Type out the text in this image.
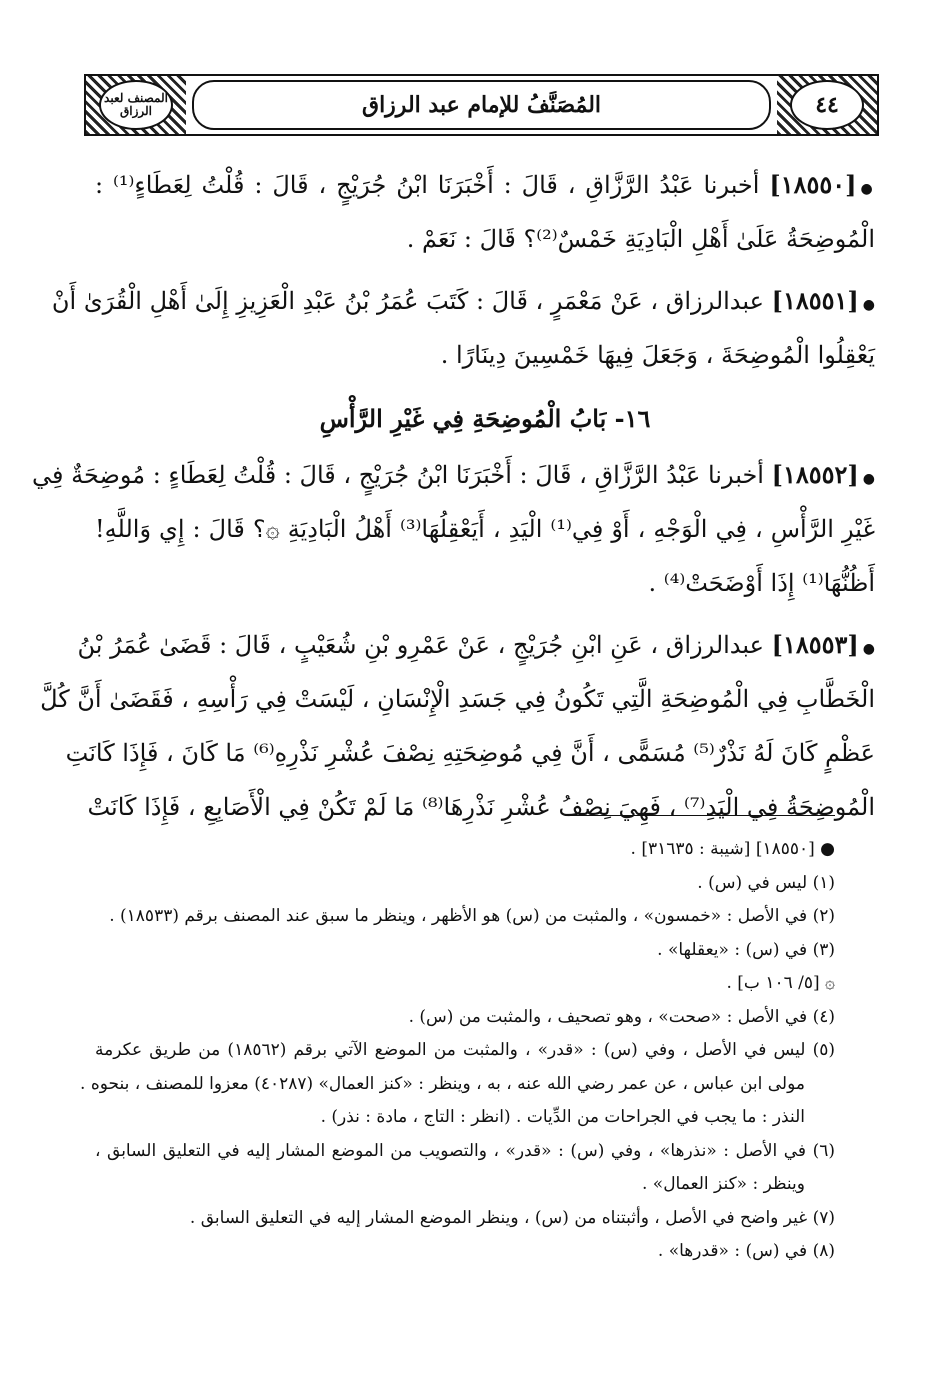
٤٤
المُصَنَّفُ للإمام عبد الرزاق
المصنف لعبد الرزاق
●[١٨٥٥٠] أخبرنا عَبْدُ الرَّزَّاقِ ، قَالَ : أَخْبَرَنَا ابْنُ جُرَيْجٍ ، قَالَ : قُلْتُ لِعَطَاءٍ⁽¹⁾ :
الْمُوضِحَةُ عَلَىٰ أَهْلِ الْبَادِيَةِ خَمْسٌ⁽²⁾؟ قَالَ : نَعَمْ .
●[١٨٥٥١] عبدالرزاق ، عَنْ مَعْمَرٍ ، قَالَ : كَتَبَ عُمَرُ بْنُ عَبْدِ الْعَزِيزِ إِلَىٰ أَهْلِ الْقُرَىٰ أَنْ
يَعْقِلُوا الْمُوضِحَةَ ، وَجَعَلَ فِيهَا خَمْسِينَ دِينَارًا .
١٦- بَابُ الْمُوضِحَةِ فِي غَيْرِ الرَّأْسِ
●[١٨٥٥٢] أخبرنا عَبْدُ الرَّزَّاقِ ، قَالَ : أَخْبَرَنَا ابْنُ جُرَيْجٍ ، قَالَ : قُلْتُ لِعَطَاءٍ : مُوضِحَةٌ فِي
غَيْرِ الرَّأْسِ ، فِي الْوَجْهِ ، أَوْ فِي⁽¹⁾ الْيَدِ ، أَيَعْقِلُهَا⁽³⁾ أَهْلُ الْبَادِيَةِ ۞؟ قَالَ : إِي وَاللَّهِ!
أَظُنُّهَا⁽¹⁾ إِذَا أَوْضَحَتْ⁽⁴⁾ .
●[١٨٥٥٣] عبدالرزاق ، عَنِ ابْنِ جُرَيْجٍ ، عَنْ عَمْرِو بْنِ شُعَيْبٍ ، قَالَ : قَضَىٰ عُمَرُ بْنُ
الْخَطَّابِ فِي الْمُوضِحَةِ الَّتِي تَكُونُ فِي جَسَدِ الْإِنْسَانِ ، لَيْسَتْ فِي رَأْسِهِ ، فَقَضَىٰ أَنَّ كُلَّ
عَظْمٍ كَانَ لَهُ نَذْرٌ⁽⁵⁾ مُسَمًّى ، أَنَّ فِي مُوضِحَتِهِ نِصْفَ عُشْرِ نَذْرِهِ⁽⁶⁾ مَا كَانَ ، فَإِذَا كَانَتِ
الْمُوضِحَةُ فِي الْيَدِ⁽⁷⁾ ، فَهِيَ نِصْفُ عُشْرِ نَذْرِهَا⁽⁸⁾ مَا لَمْ تَكُنْ فِي الْأَصَابِعِ ، فَإِذَا كَانَتْ
● [١٨٥٥٠] [شيبة : ٣١٦٣٥] .
(١) ليس في (س) .
(٢) في الأصل : «خمسون» ، والمثبت من (س) هو الأظهر ، وينظر ما سبق عند المصنف برقم (١٨٥٣٣) .
(٣) في (س) : «يعقلها» .
۞ [٥/ ١٠٦ ب] .
(٤) في الأصل : «صحت» ، وهو تصحيف ، والمثبت من (س) .
(٥) ليس في الأصل ، وفي (س) : «قدر» ، والمثبت من الموضع الآتي برقم (١٨٥٦٢) من طريق عكرمة
مولى ابن عباس ، عن عمر رضي الله عنه ، به ، وينظر : «كنز العمال» (٤٠٢٨٧) معزوا للمصنف ، بنحوه .
النذر : ما يجب في الجراحات من الدِّيات . (انظر : التاج ، مادة : نذر) .
(٦) في الأصل : «نذرها» ، وفي (س) : «قدر» ، والتصويب من الموضع المشار إليه في التعليق السابق ،
وينظر : «كنز العمال» .
(٧) غير واضح في الأصل ، وأثبتناه من (س) ، وينظر الموضع المشار إليه في التعليق السابق .
(٨) في (س) : «قدرها» .
